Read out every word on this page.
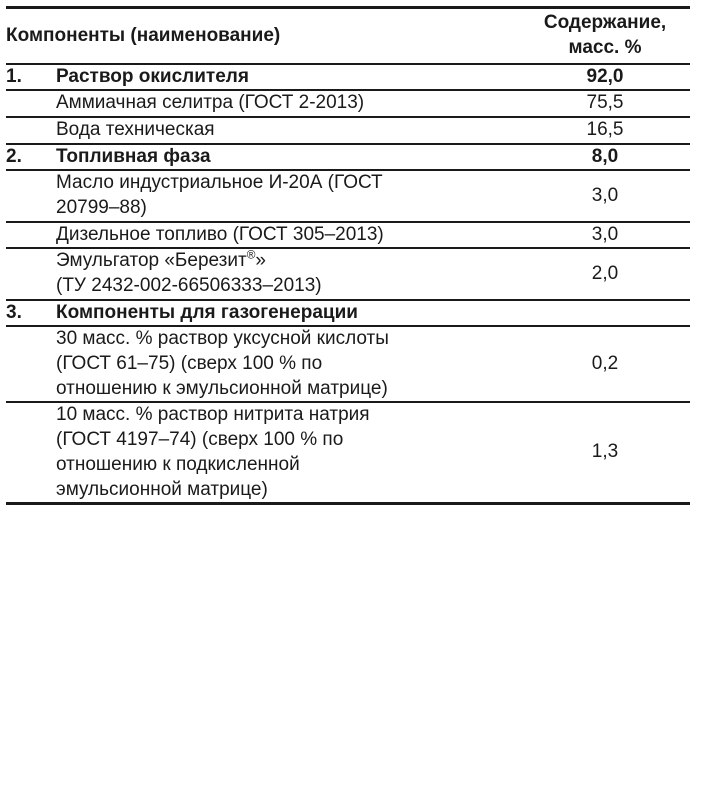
Компоненты (наименование)		Содержание,
масс. %

1.	Раствор окислителя	92,0
	Аммиачная селитра (ГОСТ 2-2013)	75,5
	Вода техническая	16,5
2.	Топливная фаза	8,0

	Масло индустриальное И-20А (ГОСТ
20799–88)	3,0
	Дизельное топливо (ГОСТ 305–2013)	3,0

	Эмульгатор «Березит®»
(ТУ 2432-002-66506333–2013)	2,0
3.	Компоненты для газогенерации	

	30 масс. % раствор уксусной кислоты
(ГОСТ 61–75) (сверх 100 % по
отношению к эмульсионной матрице)	0,2

	10 масс. % раствор нитрита натрия
(ГОСТ 4197–74) (сверх 100 % по
отношению к подкисленной
эмульсионной матрице)	1,3
